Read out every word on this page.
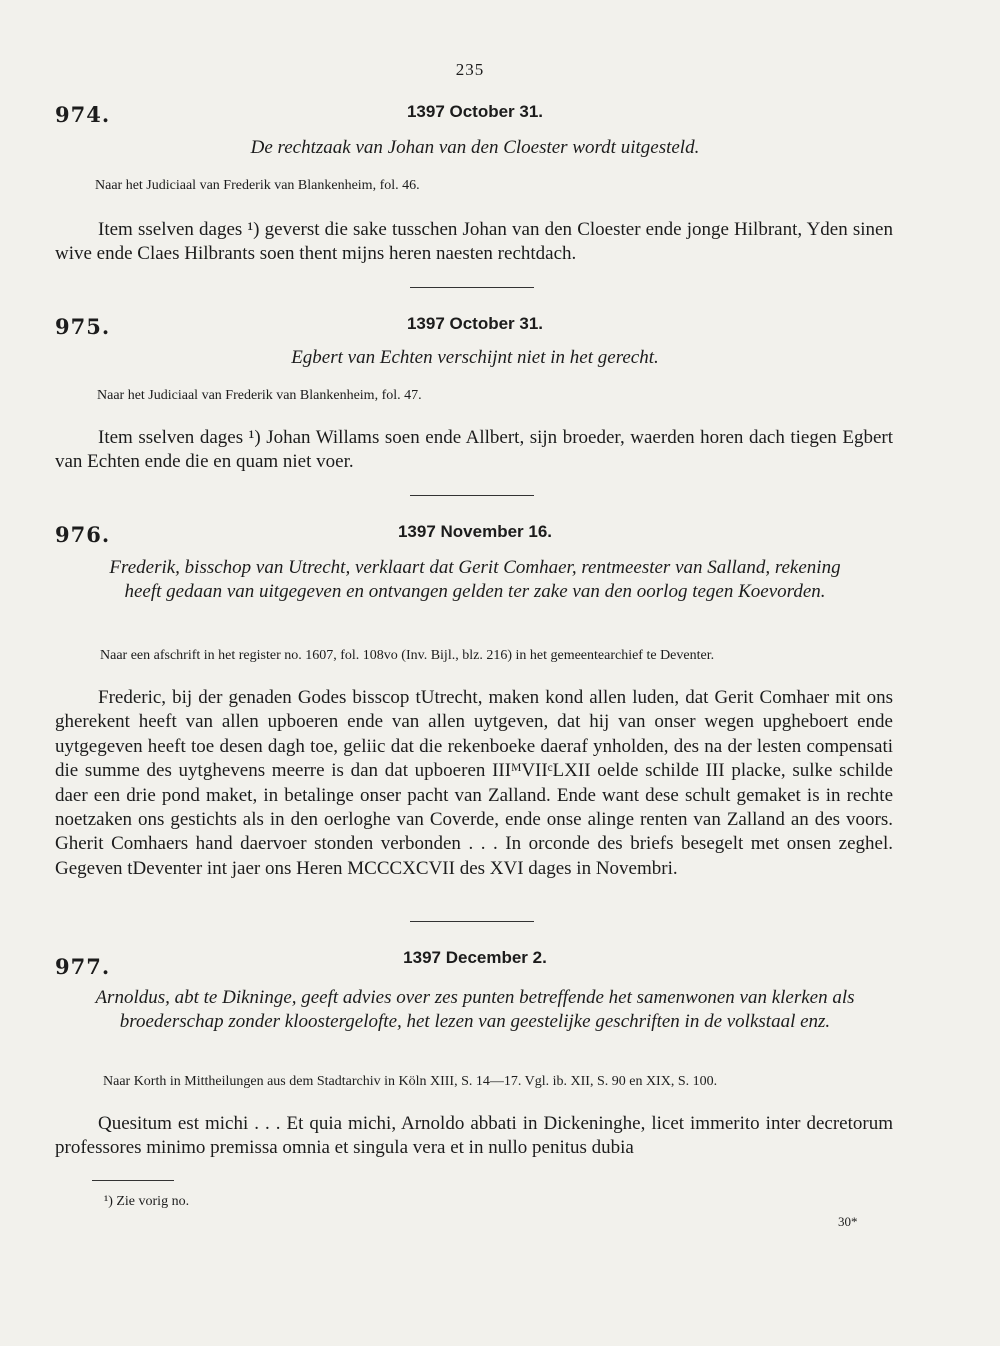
235
974.	1397 October 31.
De rechtzaak van Johan van den Cloester wordt uitgesteld.
Naar het Judiciaal van Frederik van Blankenheim, fol. 46.

Item sselven dages ¹) geverst die sake tusschen Johan van den Cloester ende jonge Hilbrant, Yden sinen wive ende Claes Hilbrants soen thent mijns heren naesten rechtdach.

975.	1397 October 31.
Egbert van Echten verschijnt niet in het gerecht.
Naar het Judiciaal van Frederik van Blankenheim, fol. 47.

Item sselven dages ¹) Johan Willams soen ende Allbert, sijn broeder, waerden horen dach tiegen Egbert van Echten ende die en quam niet voer.

976.	1397 November 16.
Frederik, bisschop van Utrecht, verklaart dat Gerit Comhaer, rentmeester van Salland, rekening heeft gedaan van uitgegeven en ontvangen gelden ter zake van den oorlog tegen Koevorden.
Naar een afschrift in het register no. 1607, fol. 108vo (Inv. Bijl., blz. 216) in het gemeentearchief te Deventer.

Frederic, bij der genaden Godes bisscop tUtrecht, maken kond allen luden, dat Gerit Comhaer mit ons gherekent heeft van allen upboeren ende van allen uytgeven, dat hij van onser wegen upgheboert ende uytgegeven heeft toe desen dagh toe, geliic dat die rekenboeke daeraf ynholden, des na der lesten compensati die summe des uytghevens meerre is dan dat upboeren IIIᴹVIIᶜLXII oelde schilde III placke, sulke schilde daer een drie pond maket, in betalinge onser pacht van Zalland. Ende want dese schult gemaket is in rechte noetzaken ons gestichts als in den oerloghe van Coverde, ende onse alinge renten van Zalland an des voors. Gherit Comhaers hand daervoer stonden verbonden . . . In orconde des briefs besegelt met onsen zeghel. Gegeven tDeventer int jaer ons Heren MCCCXCVII des XVI dages in Novembri.

977.	1397 December 2.
Arnoldus, abt te Dikninge, geeft advies over zes punten betreffende het samenwonen van klerken als broederschap zonder kloostergelofte, het lezen van geestelijke geschriften in de volkstaal enz.
Naar Korth in Mittheilungen aus dem Stadtarchiv in Köln XIII, S. 14—17. Vgl. ib. XII, S. 90 en XIX, S. 100.

Quesitum est michi . . . Et quia michi, Arnoldo abbati in Dickeninghe, licet immerito inter decretorum professores minimo premissa omnia et singula vera et in nullo penitus dubia

¹) Zie vorig no.
30*
